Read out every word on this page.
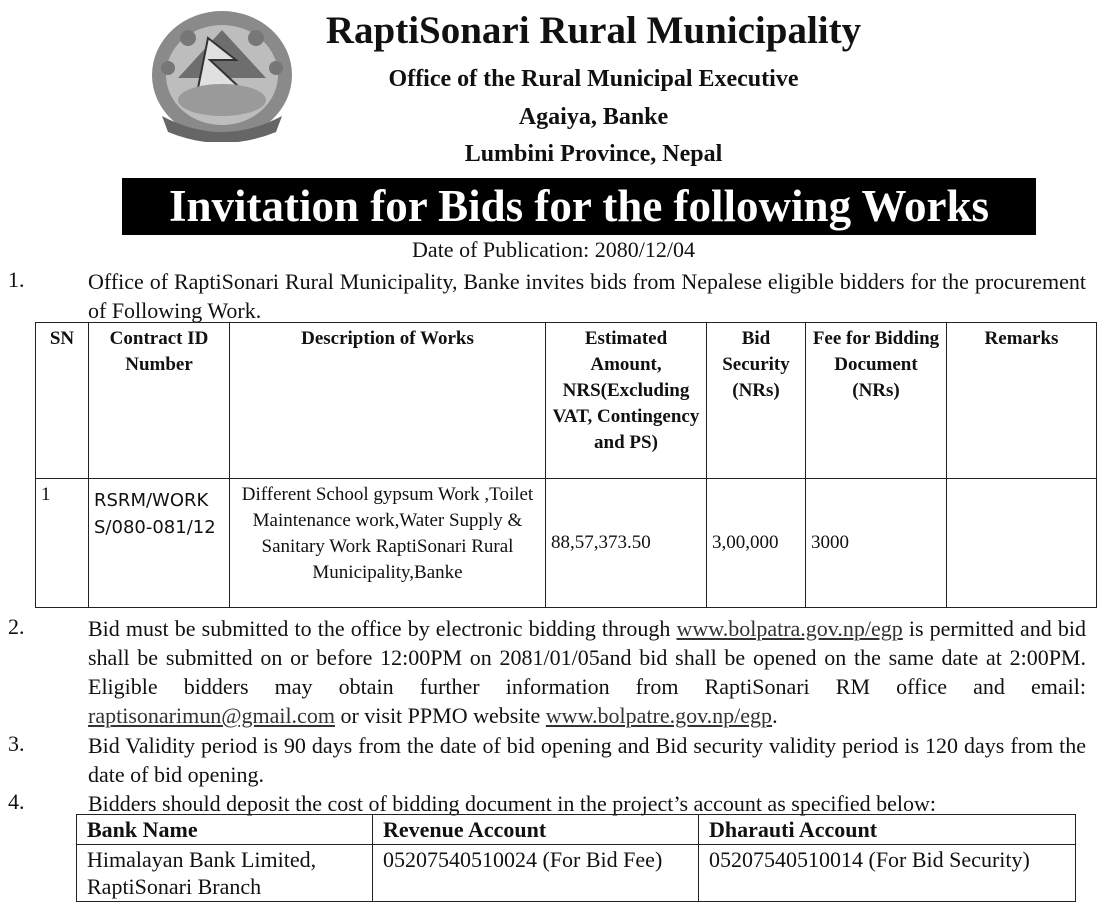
RaptiSonari Rural Municipality
Office of the Rural Municipal Executive
Agaiya, Banke
Lumbini Province, Nepal
Invitation for Bids for the following Works
Date of Publication: 2080/12/04
1.	Office of RaptiSonari Rural Municipality, Banke invites bids from Nepalese eligible bidders for the procurement of Following Work.
SN	Contract ID Number	Description of Works	Estimated Amount, NRS(Excluding VAT, Contingency and PS)	Bid Security (NRs)	Fee for Bidding Document (NRs)	Remarks
1	RSRM/WORKS/080-081/12	Different School gypsum Work ,Toilet Maintenance work,Water Supply & Sanitary Work RaptiSonari Rural Municipality,Banke	88,57,373.50	3,00,000	3000	
2.	Bid must be submitted to the office by electronic bidding through www.bolpatra.gov.np/egp is permitted and bid shall be submitted on or before 12:00PM on 2081/01/05and bid shall be opened on the same date at 2:00PM. Eligible bidders may obtain further information from RaptiSonari RM office and email: raptisonarimun@gmail.com or visit PPMO website www.bolpatre.gov.np/egp.
3.	Bid Validity period is 90 days from the date of bid opening and Bid security validity period is 120 days from the date of bid opening.
4.	Bidders should deposit the cost of bidding document in the project’s account as specified below:
Bank Name	Revenue Account	Dharauti Account
Himalayan Bank Limited, RaptiSonari Branch	05207540510024 (For Bid Fee)	05207540510014 (For Bid Security)
